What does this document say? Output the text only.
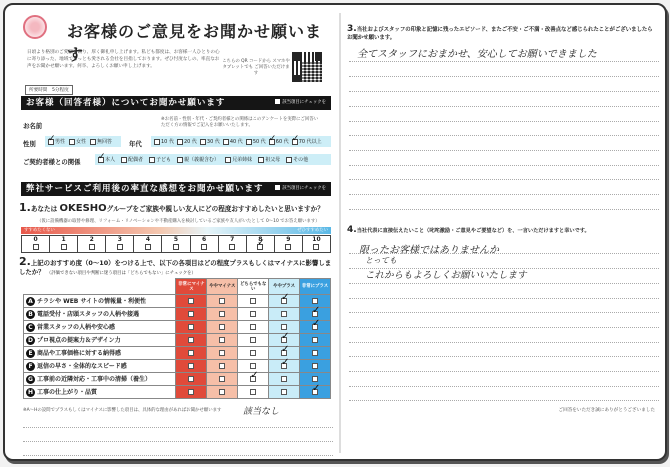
お客様のご意見をお聞かせ願います
日頃より格別のご愛顧を賜り、厚く御礼申し上げます。私ども都度は、お客様一人ひとりの心に寄り添った、地域でもっとも愛される会社を目指しております。ぜひ忖度なしの、率直なお声をお聞かせ願います。何卒、よろしくお願い申し上げます。
所要時間　5分程度
こちらの QR コードから スマホやタブレットでも ご回答いただけます
お客様（回答者様）についてお聞かせ願います	該当項目にチェックを
お名前
※お名前・性別・年代・ご契約者様との関係はこのアンケートを実際にご回答いただく方の情報でご記入をお願いいたします。
性別 ✓	男性 女性 無回答	年代	10 代 20 代 30 代 40 代 50 代 ✓ 60 代 ✓ 70 代以上
ご契約者様との関係 ✓	本人	配偶者	子ども	親（義親含む）	兄弟姉妹	祖父母	その他
弊社サービスご利用後の率直な感想をお聞かせ願います	該当項目にチェックを
1.あなたは OKESHOグループをご家族や親しい友人にどの程度おすすめしたいと思いますか？
（仮に設備機器の取替や修理、リフォーム・リノベーションや不動産購入を検討しているご家族や友人がいたとして 0〜10 でお答え願います）
すすめたくない	ぜひすすめたい
0	1	2	3	4	5	6	7 ✓	9	10
2.上記のおすすめ度（0〜10）をつける上で、以下の各項目はどの程度プラスもしくはマイナスに影響しましたか？ （評価できない項目や判断に迷う項目は「どちらでもない」にチェックを）
	非常にマイナス	ややマイナス	どちらでもない	ややプラス	非常にプラス
A チラシや WEB サイトの情報量・利便性				✓	
B 電話受付・店頭スタッフの人柄や接遇					✓
C 営業スタッフの人柄や安心感					✓
D プロ視点の提案力＆デザイン力				✓	
E 商品や工事価格に対する納得感				✓	
F 返信の早さ・全体的なスピード感				✓	
G 工事前の近隣対応・工事中の清掃（養生）			✓		
H 工事の仕上がり・品質					✓
※A〜Hの設問でプラスもしくはマイナスに影響した項目は、具体的な理由があればお聞かせ願います 該当なし
3.当社およびスタッフの印象と記憶に残ったエピソード、またご不安・ご不満・改善点など感じられたことがございましたらお聞かせ願います。
全てスタッフにおまかせ、安心してお願いできました
4.当社代表に直接伝えたいこと（叱咤激励・ご意見やご要望など）を、一言いただけますと幸いです。
限ったお客様ではありませんか
とっても
これからもよろしくお願いいたします
ご回答をいただき誠にありがとうございました
